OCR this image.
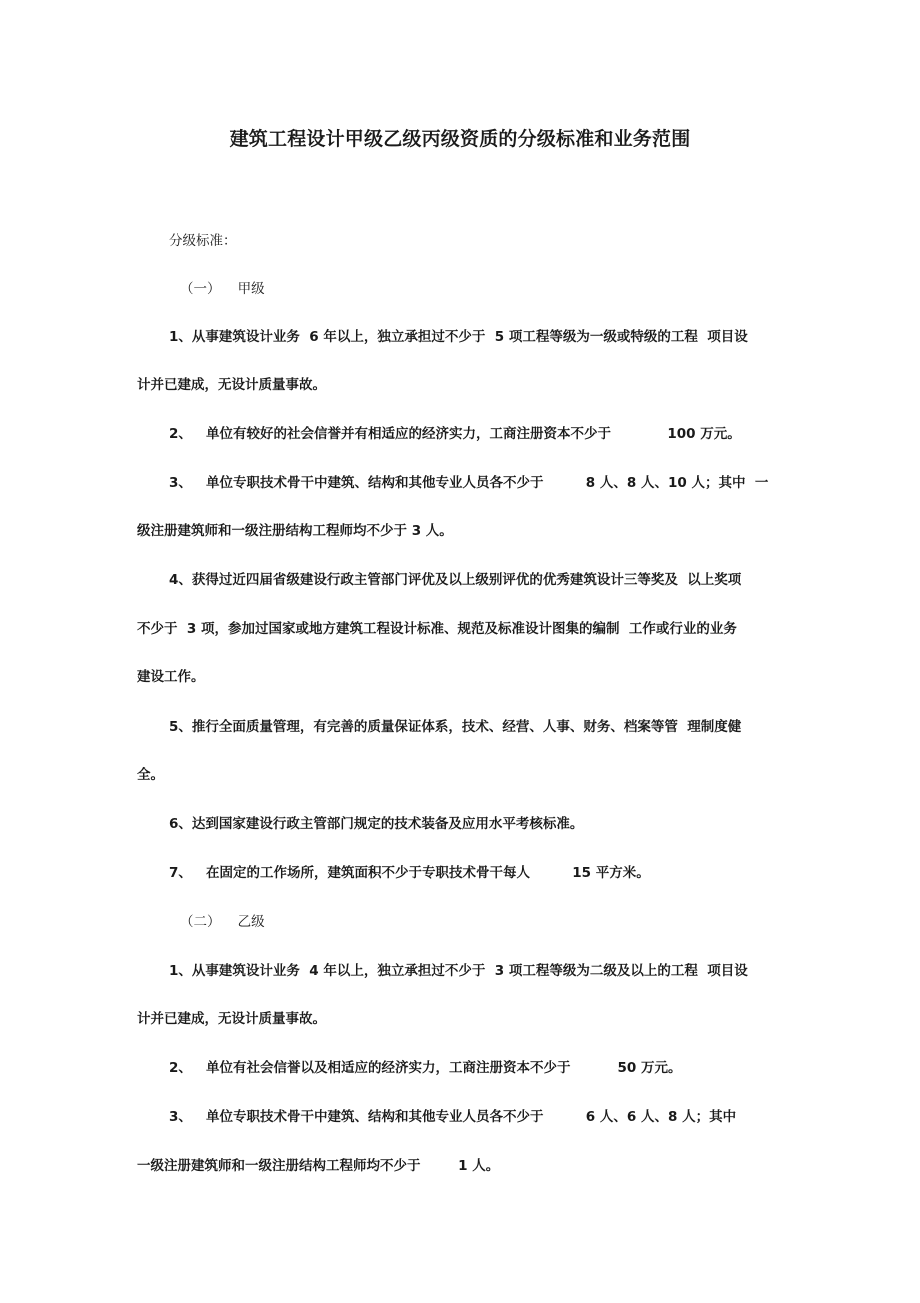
建筑工程设计甲级乙级丙级资质的分级标准和业务范围
分级标准：
（一）    甲级
1、从事建筑设计业务  6 年以上，独立承担过不少于  5 项工程等级为一级或特级的工程  项目设
计并已建成，无设计质量事故。
2、   单位有较好的社会信誉并有相适应的经济实力，工商注册资本不少于            100 万元。
3、   单位专职技术骨干中建筑、结构和其他专业人员各不少于         8 人、8 人、10 人；其中  一
级注册建筑师和一级注册结构工程师均不少于 3 人。
4、获得过近四届省级建设行政主管部门评优及以上级别评优的优秀建筑设计三等奖及  以上奖项
不少于  3 项，参加过国家或地方建筑工程设计标准、规范及标准设计图集的编制  工作或行业的业务
建设工作。
5、推行全面质量管理，有完善的质量保证体系，技术、经营、人事、财务、档案等管  理制度健
全。
6、达到国家建设行政主管部门规定的技术装备及应用水平考核标准。
7、   在固定的工作场所，建筑面积不少于专职技术骨干每人         15 平方米。
（二）    乙级
1、从事建筑设计业务  4 年以上，独立承担过不少于  3 项工程等级为二级及以上的工程  项目设
计并已建成，无设计质量事故。
2、   单位有社会信誉以及相适应的经济实力，工商注册资本不少于          50 万元。
3、   单位专职技术骨干中建筑、结构和其他专业人员各不少于         6 人、6 人、8 人；其中
一级注册建筑师和一级注册结构工程师均不少于        1 人。
